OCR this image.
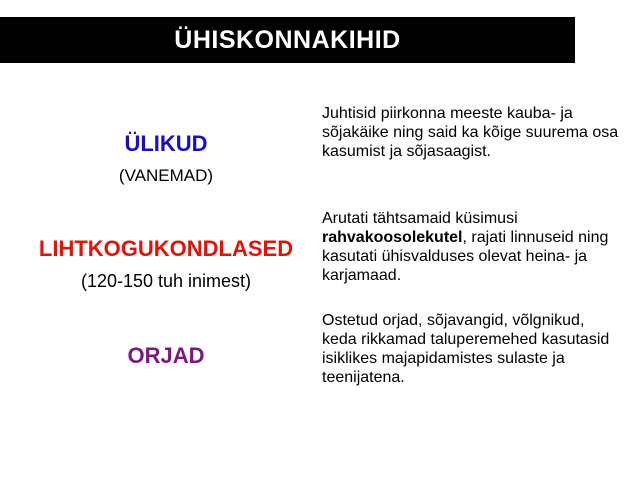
ÜHISKONNAKIHID
ÜLIKUD
(VANEMAD)
LIHTKOGUKONDLASED
(120-150 tuh inimest)
ORJAD

Juhtisid piirkonna meeste kauba- ja sõjakäike ning said ka kõige suurema osa kasumist ja sõjasaagist.

Arutati tähtsamaid küsimusi rahvakoosolekutel, rajati linnuseid ning kasutati ühisvalduses olevat heina- ja karjamaad.

Ostetud orjad, sõjavangid, võlgnikud, keda rikkamad taluperemehed kasutasid isiklikes majapidamistes sulaste ja teenijatena.
